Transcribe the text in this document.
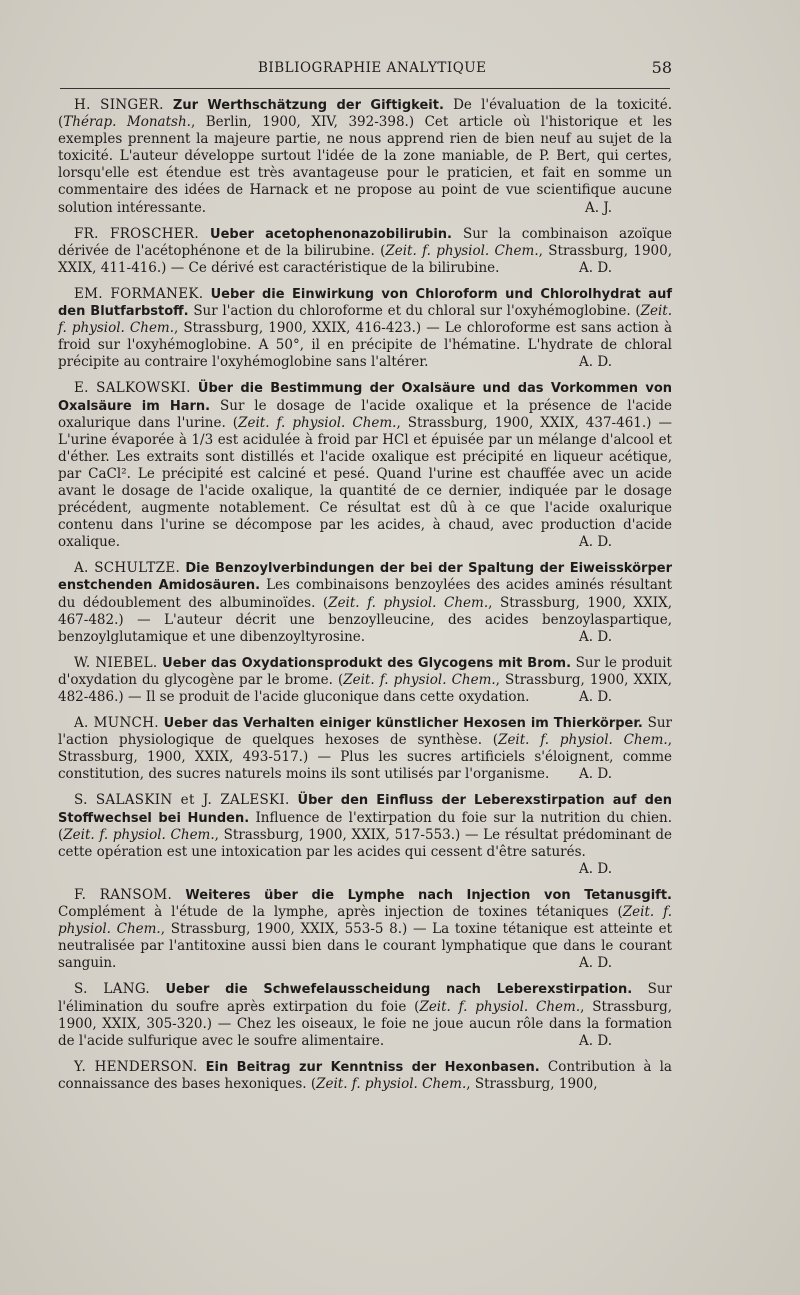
BIBLIOGRAPHIE ANALYTIQUE	58

H. SINGER. Zur Werthschätzung der Giftigkeit. De l'évaluation de la toxicité. (Thérap. Monatsh., Berlin, 1900, XIV, 392-398.) Cet article où l'historique et les exemples prennent la majeure partie, ne nous apprend rien de bien neuf au sujet de la toxicité. L'auteur développe surtout l'idée de la zone maniable, de P. Bert, qui certes, lorsqu'elle est étendue est très avantageuse pour le praticien, et fait en somme un commentaire des idées de Harnack et ne propose au point de vue scientifique aucune solution intéressante.	A. J.

FR. FROSCHER. Ueber acetophenonazobilirubin. Sur la combinaison azoïque dérivée de l'acétophénone et de la bilirubine. (Zeit. f. physiol. Chem., Strassburg, 1900, XXIX, 411-416.) — Ce dérivé est caractéristique de la bilirubine.	A. D.

EM. FORMANEK. Ueber die Einwirkung von Chloroform und Chlorolhydrat auf den Blutfarbstoff. Sur l'action du chloroforme et du chloral sur l'oxyhémoglobine. (Zeit. f. physiol. Chem., Strassburg, 1900, XXIX, 416-423.) — Le chloroforme est sans action à froid sur l'oxyhémoglobine. A 50°, il en précipite de l'hématine. L'hydrate de chloral précipite au contraire l'oxyhémoglobine sans l'altérer.	A. D.

E. SALKOWSKI. Über die Bestimmung der Oxalsäure und das Vorkommen von Oxalsäure im Harn. Sur le dosage de l'acide oxalique et la présence de l'acide oxalurique dans l'urine. (Zeit. f. physiol. Chem., Strassburg, 1900, XXIX, 437-461.) — L'urine évaporée à 1/3 est acidulée à froid par HCl et épuisée par un mélange d'alcool et d'éther. Les extraits sont distillés et l'acide oxalique est précipité en liqueur acétique, par CaCl². Le précipité est calciné et pesé. Quand l'urine est chauffée avec un acide avant le dosage de l'acide oxalique, la quantité de ce dernier, indiquée par le dosage précédent, augmente notablement. Ce résultat est dû à ce que l'acide oxalurique contenu dans l'urine se décompose par les acides, à chaud, avec production d'acide oxalique.	A. D.

A. SCHULTZE. Die Benzoylverbindungen der bei der Spaltung der Eiweisskörper enstchenden Amidosäuren. Les combinaisons benzoylées des acides aminés résultant du dédoublement des albuminoïdes. (Zeit. f. physiol. Chem., Strassburg, 1900, XXIX, 467-482.) — L'auteur décrit une benzoylleucine, des acides benzoylaspartique, benzoylglutamique et une dibenzoyltyrosine.	A. D.

W. NIEBEL. Ueber das Oxydationsprodukt des Glycogens mit Brom. Sur le produit d'oxydation du glycogène par le brome. (Zeit. f. physiol. Chem., Strassburg, 1900, XXIX, 482-486.) — Il se produit de l'acide gluconique dans cette oxydation.	A. D.

A. MUNCH. Ueber das Verhalten einiger künstlicher Hexosen im Thierkörper. Sur l'action physiologique de quelques hexoses de synthèse. (Zeit. f. physiol. Chem., Strassburg, 1900, XXIX, 493-517.) — Plus les sucres artificiels s'éloignent, comme constitution, des sucres naturels moins ils sont utilisés par l'organisme.	A. D.

S. SALASKIN et J. ZALESKI. Über den Einfluss der Leberexstirpation auf den Stoffwechsel bei Hunden. Influence de l'extirpation du foie sur la nutrition du chien. (Zeit. f. physiol. Chem., Strassburg, 1900, XXIX, 517-553.) — Le résultat prédominant de cette opération est une intoxication par les acides qui cessent d'être saturés.
A. D.

F. RANSOM. Weiteres über die Lymphe nach Injection von Tetanusgift. Complément à l'étude de la lymphe, après injection de toxines tétaniques (Zeit. f. physiol. Chem., Strassburg, 1900, XXIX, 553-5 8.) — La toxine tétanique est atteinte et neutralisée par l'antitoxine aussi bien dans le courant lymphatique que dans le courant sanguin.	A. D.

S. LANG. Ueber die Schwefelausscheidung nach Leberexstirpation. Sur l'élimination du soufre après extirpation du foie (Zeit. f. physiol. Chem., Strassburg, 1900, XXIX, 305-320.) — Chez les oiseaux, le foie ne joue aucun rôle dans la formation de l'acide sulfurique avec le soufre alimentaire.	A. D.

Y. HENDERSON. Ein Beitrag zur Kenntniss der Hexonbasen. Contribution à la connaissance des bases hexoniques. (Zeit. f. physiol. Chem., Strassburg, 1900,
